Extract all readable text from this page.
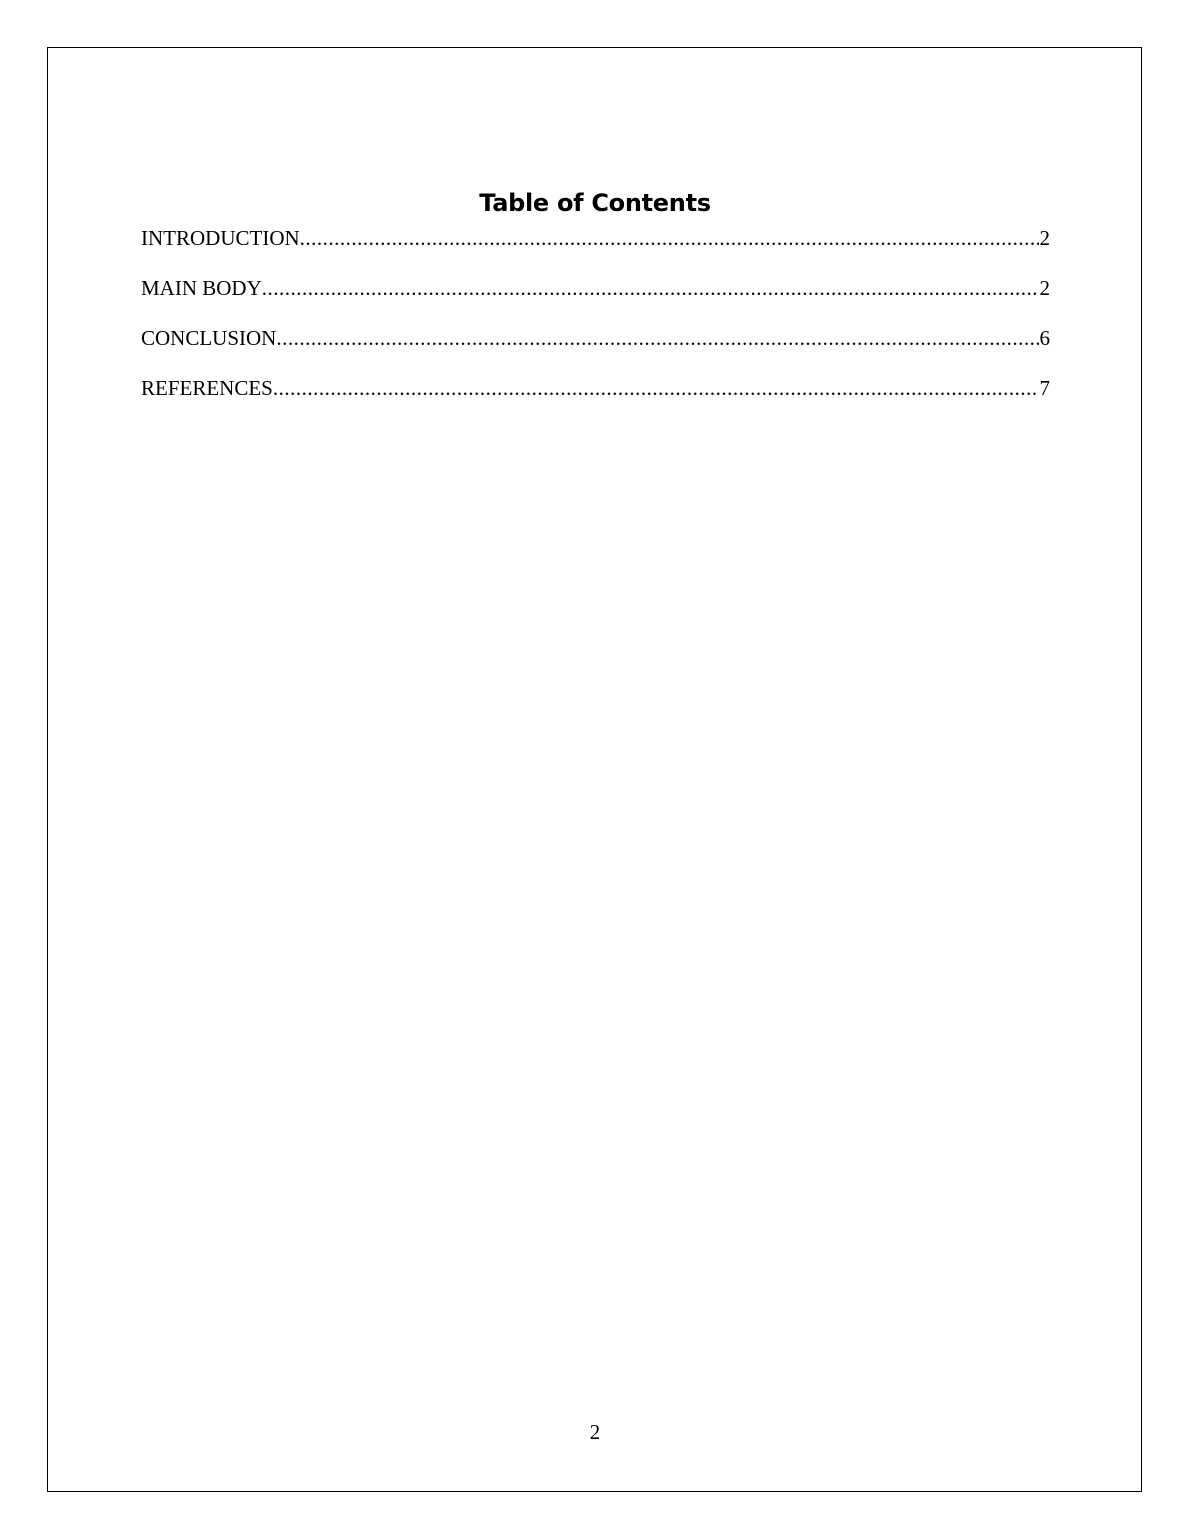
Table of Contents
INTRODUCTION .....	2
MAIN BODY .....	2
CONCLUSION .....	6
REFERENCES .....	7
2
